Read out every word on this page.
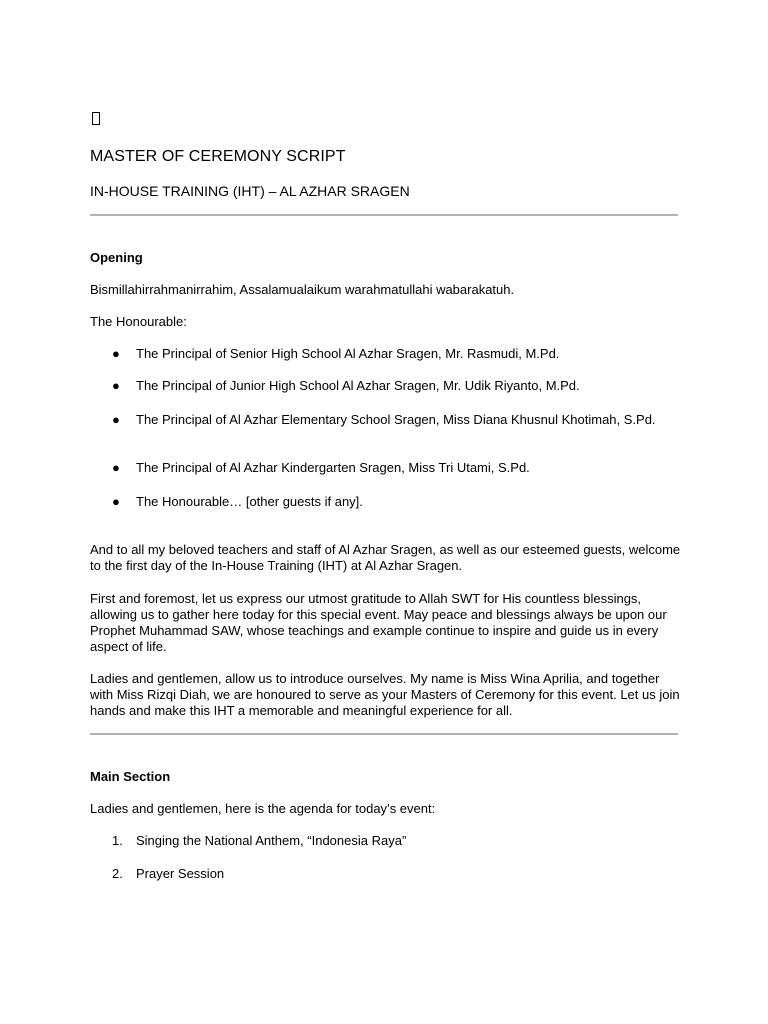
MASTER OF CEREMONY SCRIPT

IN-HOUSE TRAINING (IHT) – AL AZHAR SRAGEN

Opening

Bismillahirrahmanirrahim, Assalamualaikum warahmatullahi wabarakatuh.

The Honourable:

●	The Principal of Senior High School Al Azhar Sragen, Mr. Rasmudi, M.Pd.
●	The Principal of Junior High School Al Azhar Sragen, Mr. Udik Riyanto, M.Pd.
●	The Principal of Al Azhar Elementary School Sragen, Miss Diana Khusnul Khotimah, S.Pd.
●	The Principal of Al Azhar Kindergarten Sragen, Miss Tri Utami, S.Pd.
●	The Honourable… [other guests if any].

And to all my beloved teachers and staff of Al Azhar Sragen, as well as our esteemed guests, welcome to the first day of the In-House Training (IHT) at Al Azhar Sragen.

First and foremost, let us express our utmost gratitude to Allah SWT for His countless blessings, allowing us to gather here today for this special event. May peace and blessings always be upon our Prophet Muhammad SAW, whose teachings and example continue to inspire and guide us in every aspect of life.

Ladies and gentlemen, allow us to introduce ourselves. My name is Miss Wina Aprilia, and together with Miss Rizqi Diah, we are honoured to serve as your Masters of Ceremony for this event. Let us join hands and make this IHT a memorable and meaningful experience for all.

Main Section

Ladies and gentlemen, here is the agenda for today’s event:

1.	Singing the National Anthem, “Indonesia Raya”
2.	Prayer Session
